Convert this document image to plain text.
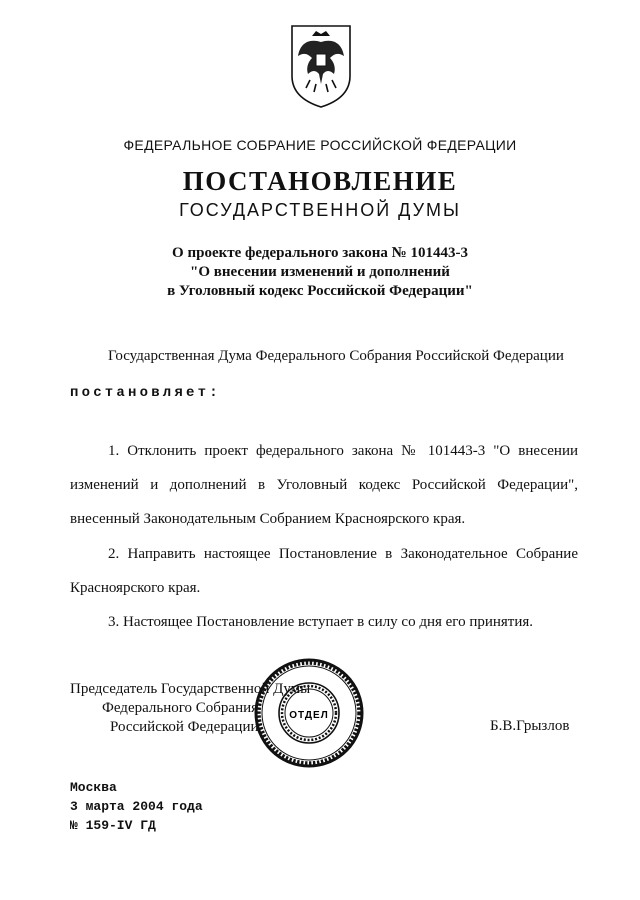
ФЕДЕРАЛЬНОЕ СОБРАНИЕ РОССИЙСКОЙ ФЕДЕРАЦИИ
ПОСТАНОВЛЕНИЕ
ГОСУДАРСТВЕННОЙ ДУМЫ
О проекте федерального закона № 101443-3
"О внесении изменений и дополнений
в Уголовный кодекс Российской Федерации"
Государственная Дума Федерального Собрания Российской Федерации
постановляет:
1. Отклонить проект федерального закона № 101443-3 "О внесении изменений и дополнений в Уголовный кодекс Российской Федерации", внесенный Законодательным Собранием Красноярского края.
2. Направить настоящее Постановление в Законодательное Собрание Красноярского края.
3. Настоящее Постановление вступает в силу со дня его принятия.
Председатель Государственной Думы
Федерального Собрания
Российской Федерации
ОТДЕЛ
Б.В.Грызлов
Москва
3 марта 2004 года
№ 159-IV ГД
